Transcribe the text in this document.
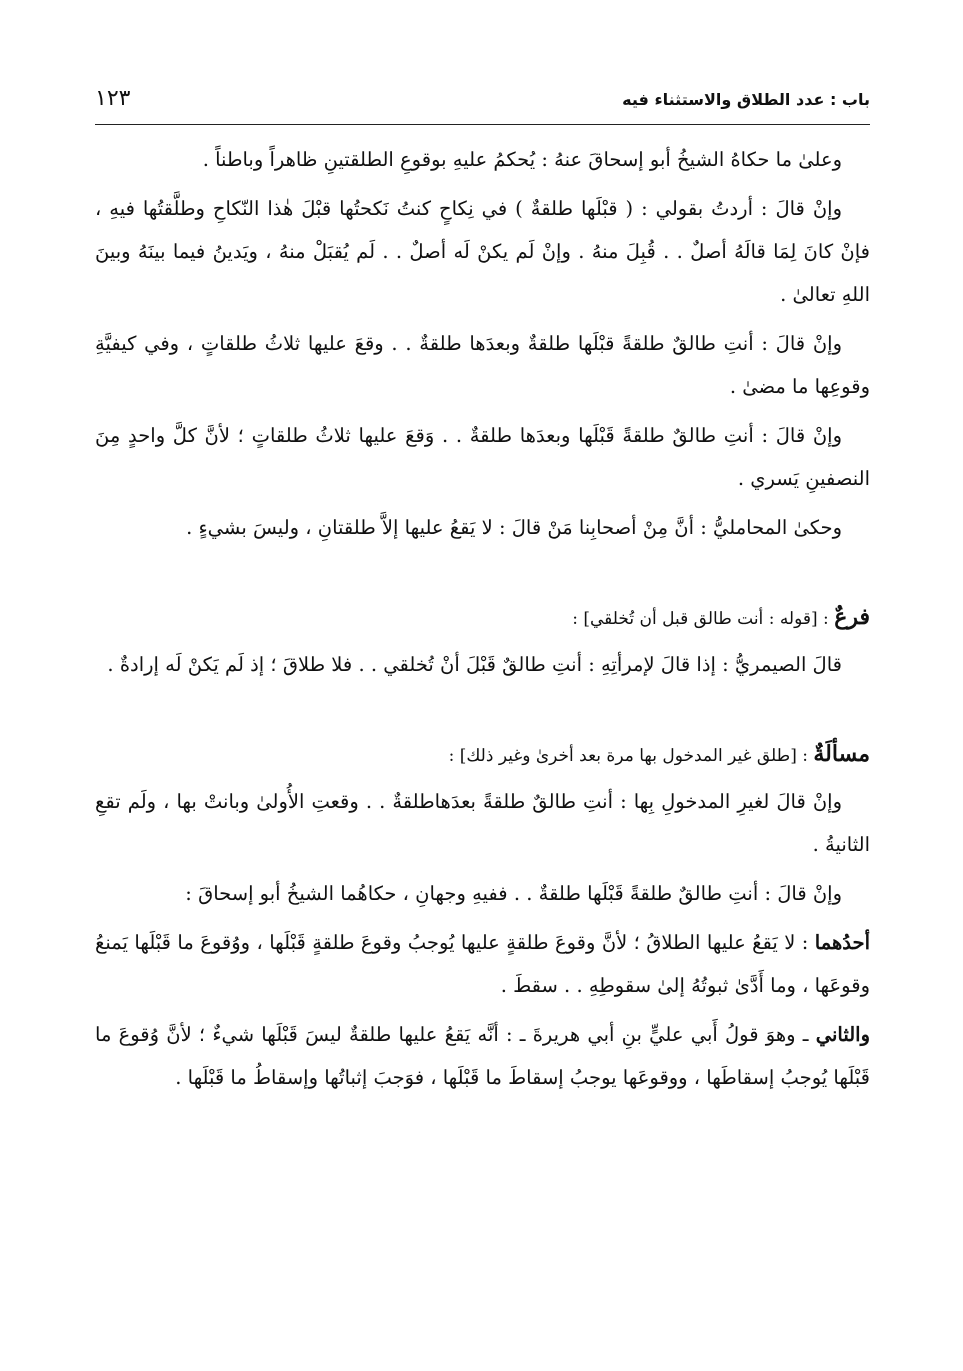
باب : عدد الطلاق والاستثناء فيه
١٢٣

وعلىٰ ما حكاهُ الشيخُ أبو إسحاقَ عنهُ : يُحكمُ عليهِ بوقوعِ الطلقتينِ ظاهراً وباطناً .

وإنْ قالَ : أردتُ بقولي : ( قبْلَها طلقةٌ ) في نِكاحٍ كنتُ نَكحتُها قبْلَ هٰذا النّكاحِ وطلَّقتُها فيهِ ، فإنْ كانَ لِمَا قالَهُ أصلٌ . . قُبِلَ منهُ . وإنْ لَم يكنْ لَه أصلٌ . . لَم يُقبَلْ منهُ ، ويَدينُ فيما بينَهُ وبينَ اللهِ تعالىٰ .

وإنْ قالَ : أنتِ طالقٌ طلقةً قبْلَها طلقةٌ وبعدَها طلقةٌ . . وقعَ عليها ثلاثُ طلقاتٍ ، وفي كيفيَّةِ وقوعِها ما مضىٰ .

وإنْ قالَ : أنتِ طالقٌ طلقةً قَبْلَها وبعدَها طلقةٌ . . وَقعَ عليها ثلاثُ طلقاتٍ ؛ لأنَّ كلَّ واحدٍ مِنَ النصفينِ يَسري .

وحكىٰ المحامليُّ : أنَّ مِنْ أصحابِنا مَنْ قالَ : لا يَقعُ عليها إلاَّ طلقتانِ ، وليسَ بشيءٍ .

فرعٌ : [قوله : أنت طالق قبل أن تُخلقي] :

قالَ الصيمريُّ : إذا قالَ لإمرأتِهِ : أنتِ طالقٌ قَبْلَ أنْ تُخلقي . . فلا طلاقَ ؛ إذ لَم يَكنْ لَه إرادةٌ .

مسألَةٌ : [طلق غير المدخول بها مرة بعد أخرىٰ وغير ذلك] :

وإنْ قالَ لغيرِ المدخولِ بِها : أنتِ طالقٌ طلقةً بعدَهاطلقةٌ . . وقعتِ الأُولىٰ وبانتْ بها ، ولَم تقعِ الثانيةُ .

وإنْ قالَ : أنتِ طالقٌ طلقةً قَبْلَها طلقةٌ . . ففيهِ وجهانِ ، حكاهُما الشيخُ أبو إسحاقَ :

أحدُهما : لا يَقعُ عليها الطلاقُ ؛ لأنَّ وقوعَ طلقةٍ عليها يُوجبُ وقوعَ طلقةٍ قَبْلَها ، ووُقوعَ ما قَبْلَها يَمنعُ وقوعَها ، وما أَدَّىٰ ثبوتُهُ إلىٰ سقوطِهِ . . سقطَ .

والثاني ـ وهوَ قولُ أَبي عليٍّ بنِ أبي هريرةَ ـ : أنَّه يَقعُ عليها طلقةٌ ليسَ قَبْلَها شيءٌ ؛ لأنَّ وُقوعَ ما قَبْلَها يُوجبُ إسقاطَها ، ووقوعَها يوجبُ إسقاطَ ما قَبْلَها ، فوَجبَ إثباتُها وإسقاطُ ما قَبْلَها .
